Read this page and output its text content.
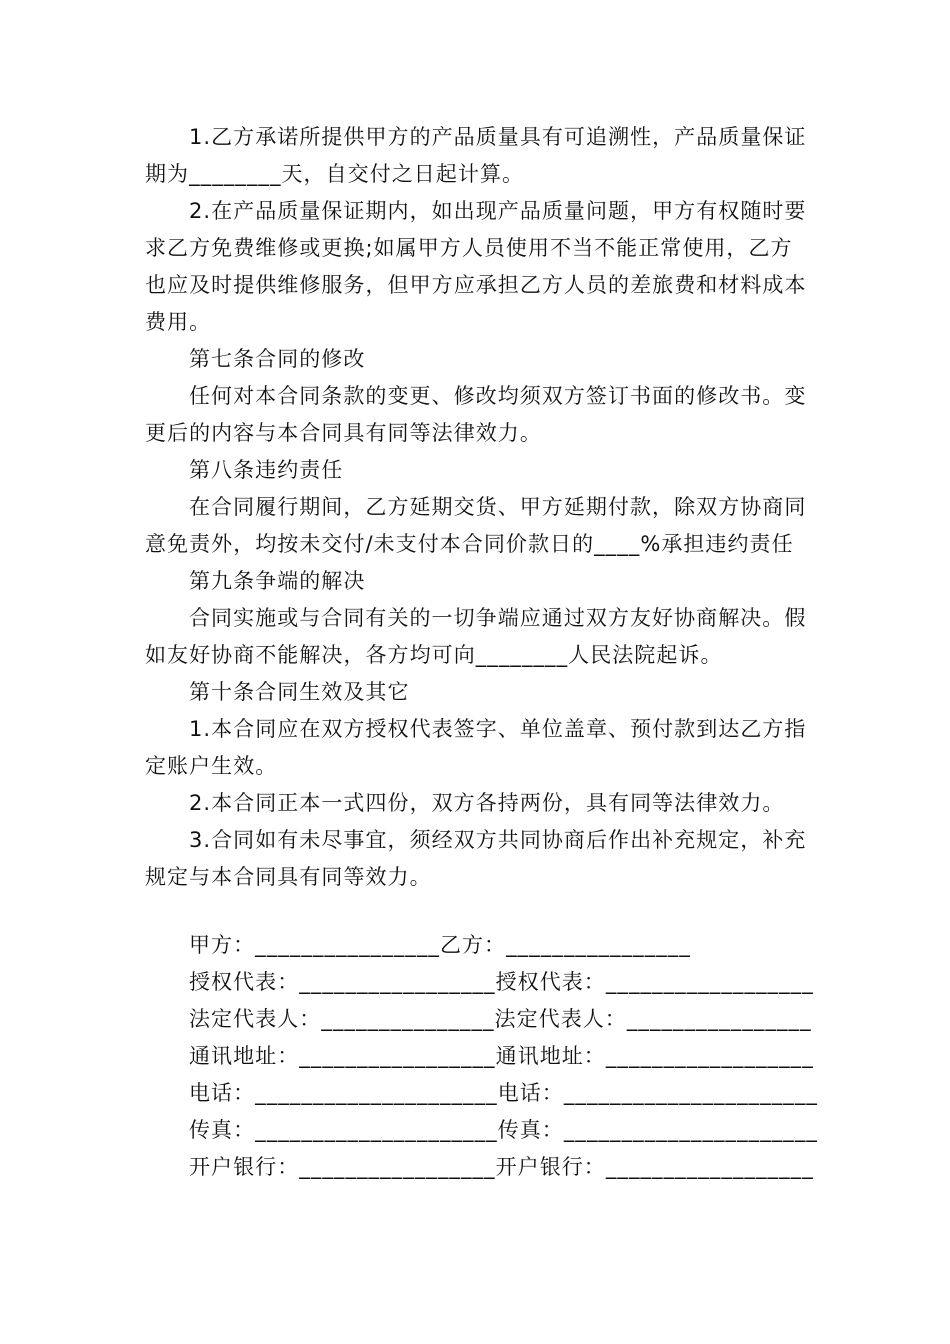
1.乙方承诺所提供甲方的产品质量具有可追溯性，产品质量保证期为________天，自交付之日起计算。

2.在产品质量保证期内，如出现产品质量问题，甲方有权随时要求乙方免费维修或更换;如属甲方人员使用不当不能正常使用，乙方也应及时提供维修服务，但甲方应承担乙方人员的差旅费和材料成本费用。

第七条合同的修改

任何对本合同条款的变更、修改均须双方签订书面的修改书。变更后的内容与本合同具有同等法律效力。

第八条违约责任

在合同履行期间，乙方延期交货、甲方延期付款，除双方协商同意免责外，均按未交付/未支付本合同价款日的____%承担违约责任

第九条争端的解决

合同实施或与合同有关的一切争端应通过双方友好协商解决。假如友好协商不能解决，各方均可向________人民法院起诉。

第十条合同生效及其它

1.本合同应在双方授权代表签字、单位盖章、预付款到达乙方指定账户生效。

2.本合同正本一式四份，双方各持两份，具有同等法律效力。

3.合同如有未尽事宜，须经双方共同协商后作出补充规定，补充规定与本合同具有同等效力。

甲方：________________乙方：________________
授权代表：_________________授权代表：__________________
法定代表人：_______________法定代表人：________________
通讯地址：_________________通讯地址：__________________
电话：_____________________电话：______________________
传真：_____________________传真：______________________
开户银行：_________________开户银行：__________________
